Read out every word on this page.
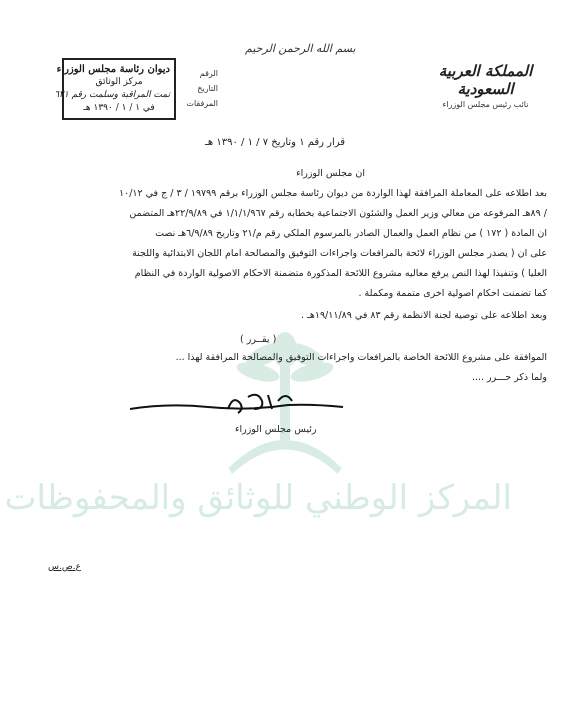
بسم الله الرحمن الرحيم
المملكة العربية السعودية
نائب رئيس مجلس الوزراء
ديوان رئاسة مجلس الوزراء
مركز الوثائق
تمت المراقبة وسلمت رقم ٦٢١
في ١ / ١ / ١٣٩٠ هـ
الرقم
التاريخ
المرفقات
المركز الوطني للوثائق والمحفوظات
قرار رقم ١ وتاريخ ٧ / ١ / ١٣٩٠ هـ
ان مجلس الوزراء
بعد اطلاعه على المعاملة المرافقة لهذا الواردة من ديوان رئاسة مجلس الوزراء برقم ١٩٧٩٩ / ٣ / ج في ١٠/١٢
/ ٨٩هـ المرفوعه من معالي وزير العمل والشئون الاجتماعية بخطابه رقم ١/١/١/٩٦٧ في ٢٢/٩/٨٩هـ المتضمن
ان المادة ( ١٧٢ ) من نظام العمل والعمال الصادر بالمرسوم الملكي رقم م/٢١ وتاريخ ٦/٩/٨٩هـ نصت
على ان ( يصدر مجلس الوزراء لائحة بالمرافعات واجراءات التوفيق والمصالحة امام اللجان الابتدائية واللجنة
العليا ) وتنفيذا لهذا النص يرفع معاليه مشروع اللائحة المذكورة متضمنة الاحكام الاصولية الواردة في النظام
كما تضمنت احكام اصولية اخرى متممة ومكملة .
وبعد اطلاعه على توصية لجنة الانظمة رقم ٨٣ في ١٩/١١/٨٩هـ .
( يقــرر )
الموافقة على مشروع اللائحة الخاصة بالمرافعات واجراءات التوفيق والمصالحة المرافقة لهذا ...
ولما ذكر حـــرر ....
رئيس مجلس الوزراء
ع.ص.س
